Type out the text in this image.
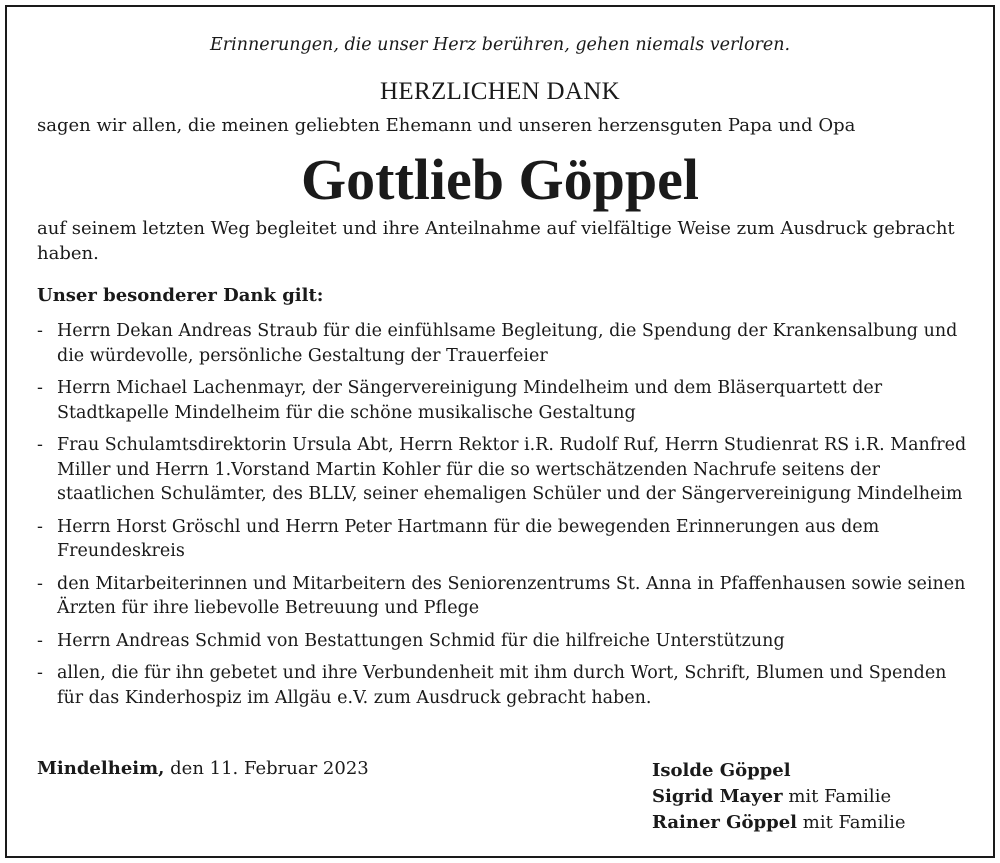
Erinnerungen, die unser Herz berühren, gehen niemals verloren.
HERZLICHEN DANK
sagen wir allen, die meinen geliebten Ehemann und unseren herzensguten Papa und Opa
Gottlieb Göppel
auf seinem letzten Weg begleitet und ihre Anteilnahme auf vielfältige Weise zum Ausdruck gebracht haben.
Unser besonderer Dank gilt:
- Herrn Dekan Andreas Straub für die einfühlsame Begleitung, die Spendung der Krankensalbung und die würdevolle, persönliche Gestaltung der Trauerfeier
- Herrn Michael Lachenmayr, der Sängervereinigung Mindelheim und dem Bläserquartett der Stadtkapelle Mindelheim für die schöne musikalische Gestaltung
- Frau Schulamtsdirektorin Ursula Abt, Herrn Rektor i.R. Rudolf Ruf, Herrn Studienrat RS i.R. Manfred Miller und Herrn 1.Vorstand Martin Kohler für die so wertschätzenden Nachrufe seitens der staatlichen Schulämter, des BLLV, seiner ehemaligen Schüler und der Sängervereinigung Mindelheim
- Herrn Horst Gröschl und Herrn Peter Hartmann für die bewegenden Erinnerungen aus dem Freundeskreis
- den Mitarbeiterinnen und Mitarbeitern des Seniorenzentrums St. Anna in Pfaffenhausen sowie seinen Ärzten für ihre liebevolle Betreuung und Pflege
- Herrn Andreas Schmid von Bestattungen Schmid für die hilfreiche Unterstützung
- allen, die für ihn gebetet und ihre Verbundenheit mit ihm durch Wort, Schrift, Blumen und Spenden für das Kinderhospiz im Allgäu e.V. zum Ausdruck gebracht haben.
Mindelheim, den 11. Februar 2023	Isolde Göppel
Sigrid Mayer mit Familie
Rainer Göppel mit Familie
